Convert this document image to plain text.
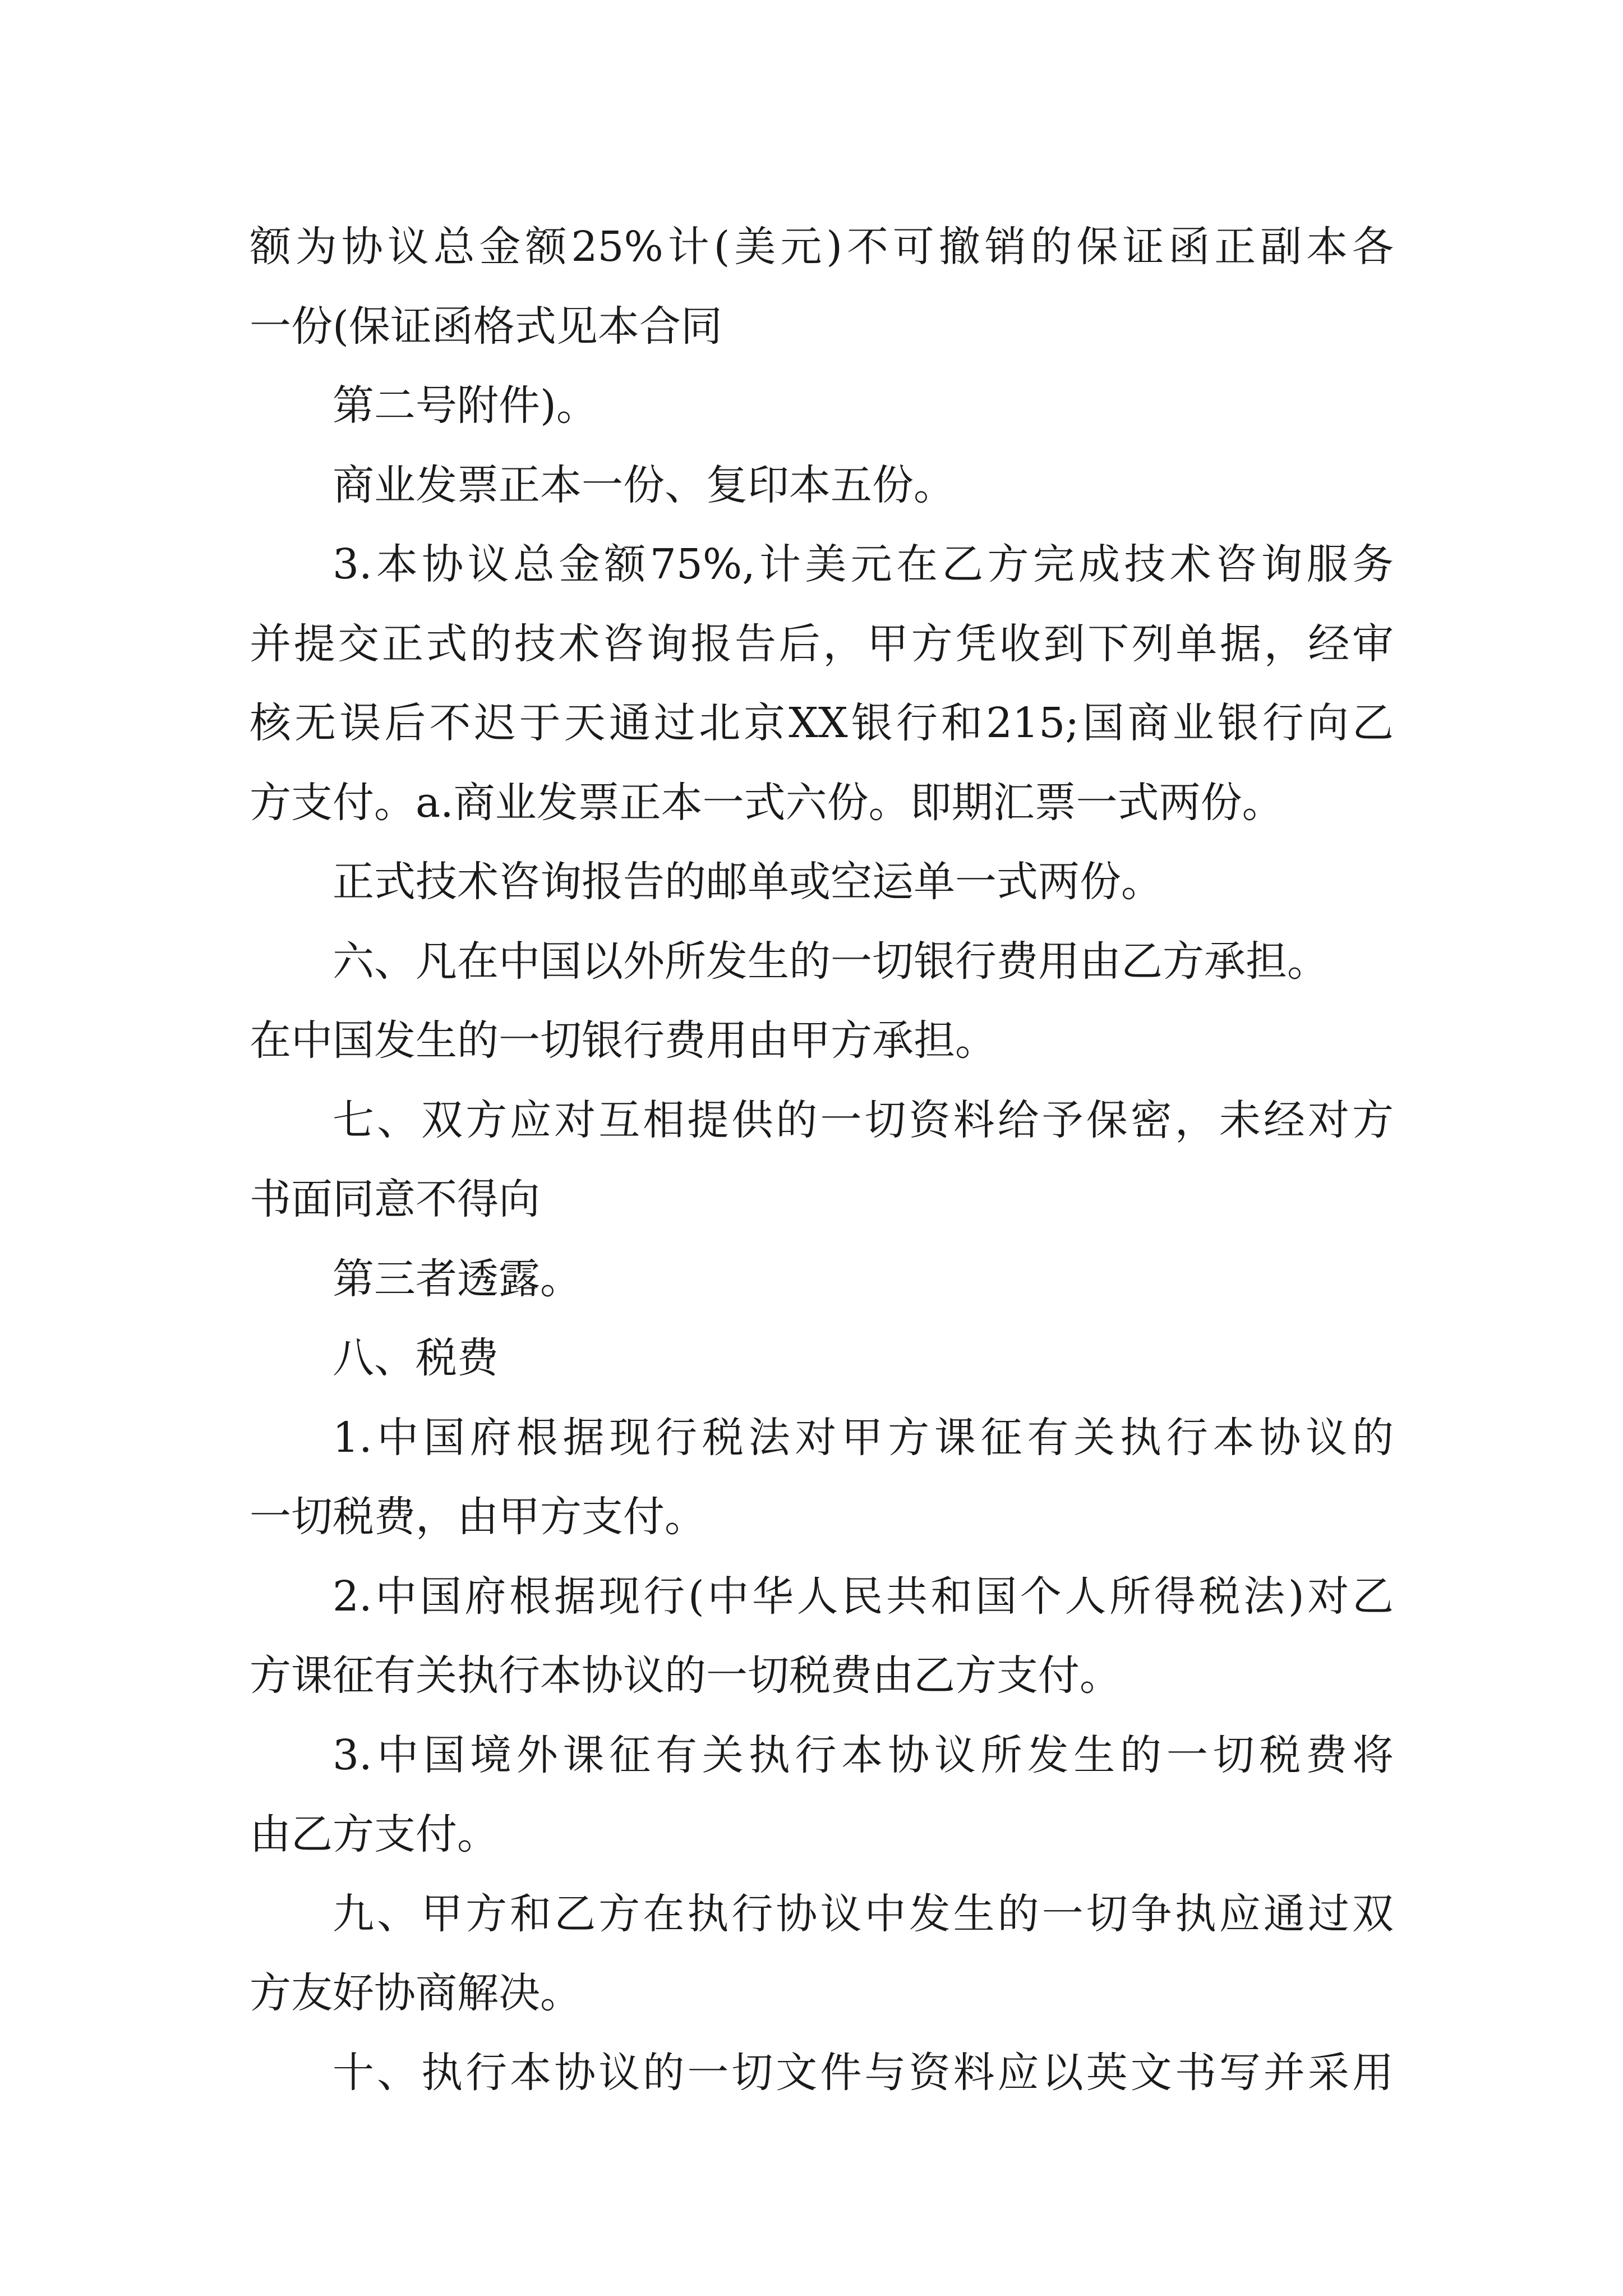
额为协议总金额25%计(美元)不可撤销的保证函正副本各
一份(保证函格式见本合同
第二号附件)。
商业发票正本一份、复印本五份。
3.本协议总金额75%,计美元在乙方完成技术咨询服务
并提交正式的技术咨询报告后，甲方凭收到下列单据，经审
核无误后不迟于天通过北京XX银行和215;国商业银行向乙
方支付。a.商业发票正本一式六份。即期汇票一式两份。
正式技术咨询报告的邮单或空运单一式两份。
六、凡在中国以外所发生的一切银行费用由乙方承担。
在中国发生的一切银行费用由甲方承担。
七、双方应对互相提供的一切资料给予保密，未经对方
书面同意不得向
第三者透露。
八、税费
1.中国府根据现行税法对甲方课征有关执行本协议的
一切税费，由甲方支付。
2.中国府根据现行(中华人民共和国个人所得税法)对乙
方课征有关执行本协议的一切税费由乙方支付。
3.中国境外课征有关执行本协议所发生的一切税费将
由乙方支付。
九、甲方和乙方在执行协议中发生的一切争执应通过双
方友好协商解决。
十、执行本协议的一切文件与资料应以英文书写并采用
